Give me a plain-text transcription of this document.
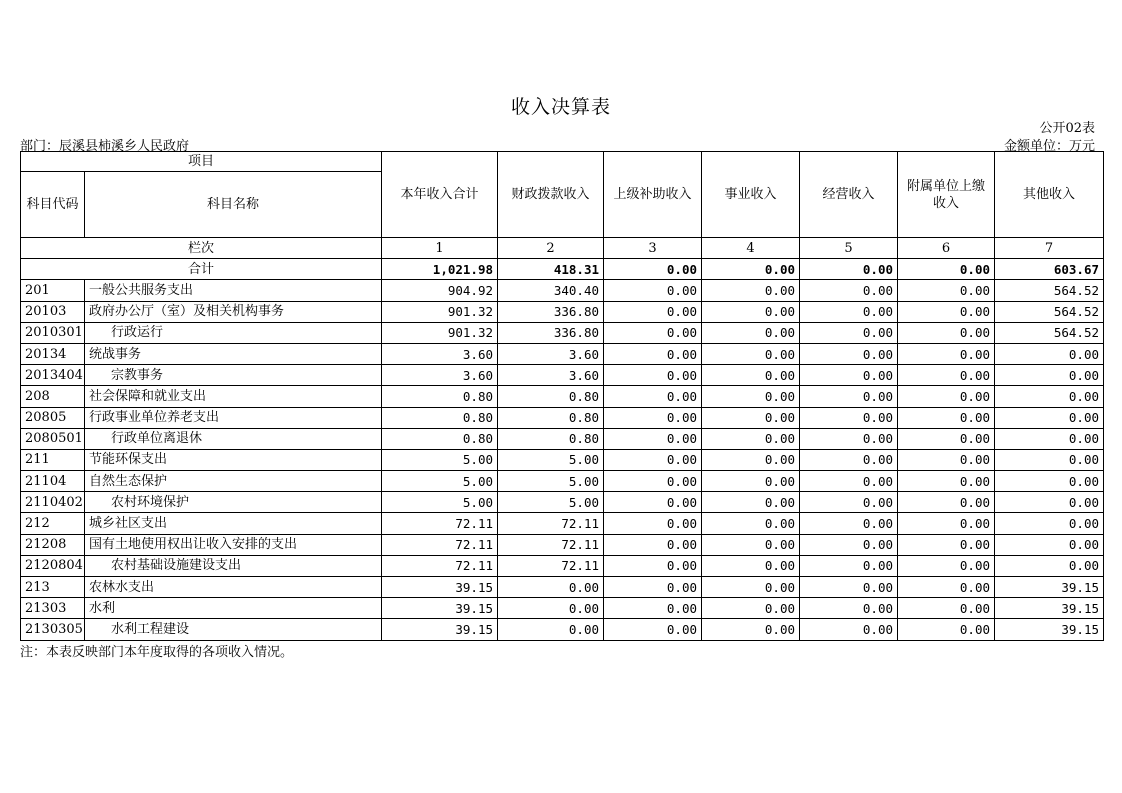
收入决算表
公开02表
部门：辰溪县柿溪乡人民政府	金额单位：万元
项目		本年收入合计	财政拨款收入	上级补助收入	事业收入	经营收入	附属单位上缴收入	其他收入
科目代码	科目名称							
栏次		1	2	3	4	5	6	7
合计		1,021.98	418.31	0.00	0.00	0.00	0.00	603.67
201	一般公共服务支出	904.92	340.40	0.00	0.00	0.00	0.00	564.52
20103	政府办公厅（室）及相关机构事务	901.32	336.80	0.00	0.00	0.00	0.00	564.52
2010301	行政运行	901.32	336.80	0.00	0.00	0.00	0.00	564.52
20134	统战事务	3.60	3.60	0.00	0.00	0.00	0.00	0.00
2013404	宗教事务	3.60	3.60	0.00	0.00	0.00	0.00	0.00
208	社会保障和就业支出	0.80	0.80	0.00	0.00	0.00	0.00	0.00
20805	行政事业单位养老支出	0.80	0.80	0.00	0.00	0.00	0.00	0.00
2080501	行政单位离退休	0.80	0.80	0.00	0.00	0.00	0.00	0.00
211	节能环保支出	5.00	5.00	0.00	0.00	0.00	0.00	0.00
21104	自然生态保护	5.00	5.00	0.00	0.00	0.00	0.00	0.00
2110402	农村环境保护	5.00	5.00	0.00	0.00	0.00	0.00	0.00
212	城乡社区支出	72.11	72.11	0.00	0.00	0.00	0.00	0.00
21208	国有土地使用权出让收入安排的支出	72.11	72.11	0.00	0.00	0.00	0.00	0.00
2120804	农村基础设施建设支出	72.11	72.11	0.00	0.00	0.00	0.00	0.00
213	农林水支出	39.15	0.00	0.00	0.00	0.00	0.00	39.15
21303	水利	39.15	0.00	0.00	0.00	0.00	0.00	39.15
2130305	水利工程建设	39.15	0.00	0.00	0.00	0.00	0.00	39.15
注：本表反映部门本年度取得的各项收入情况。
